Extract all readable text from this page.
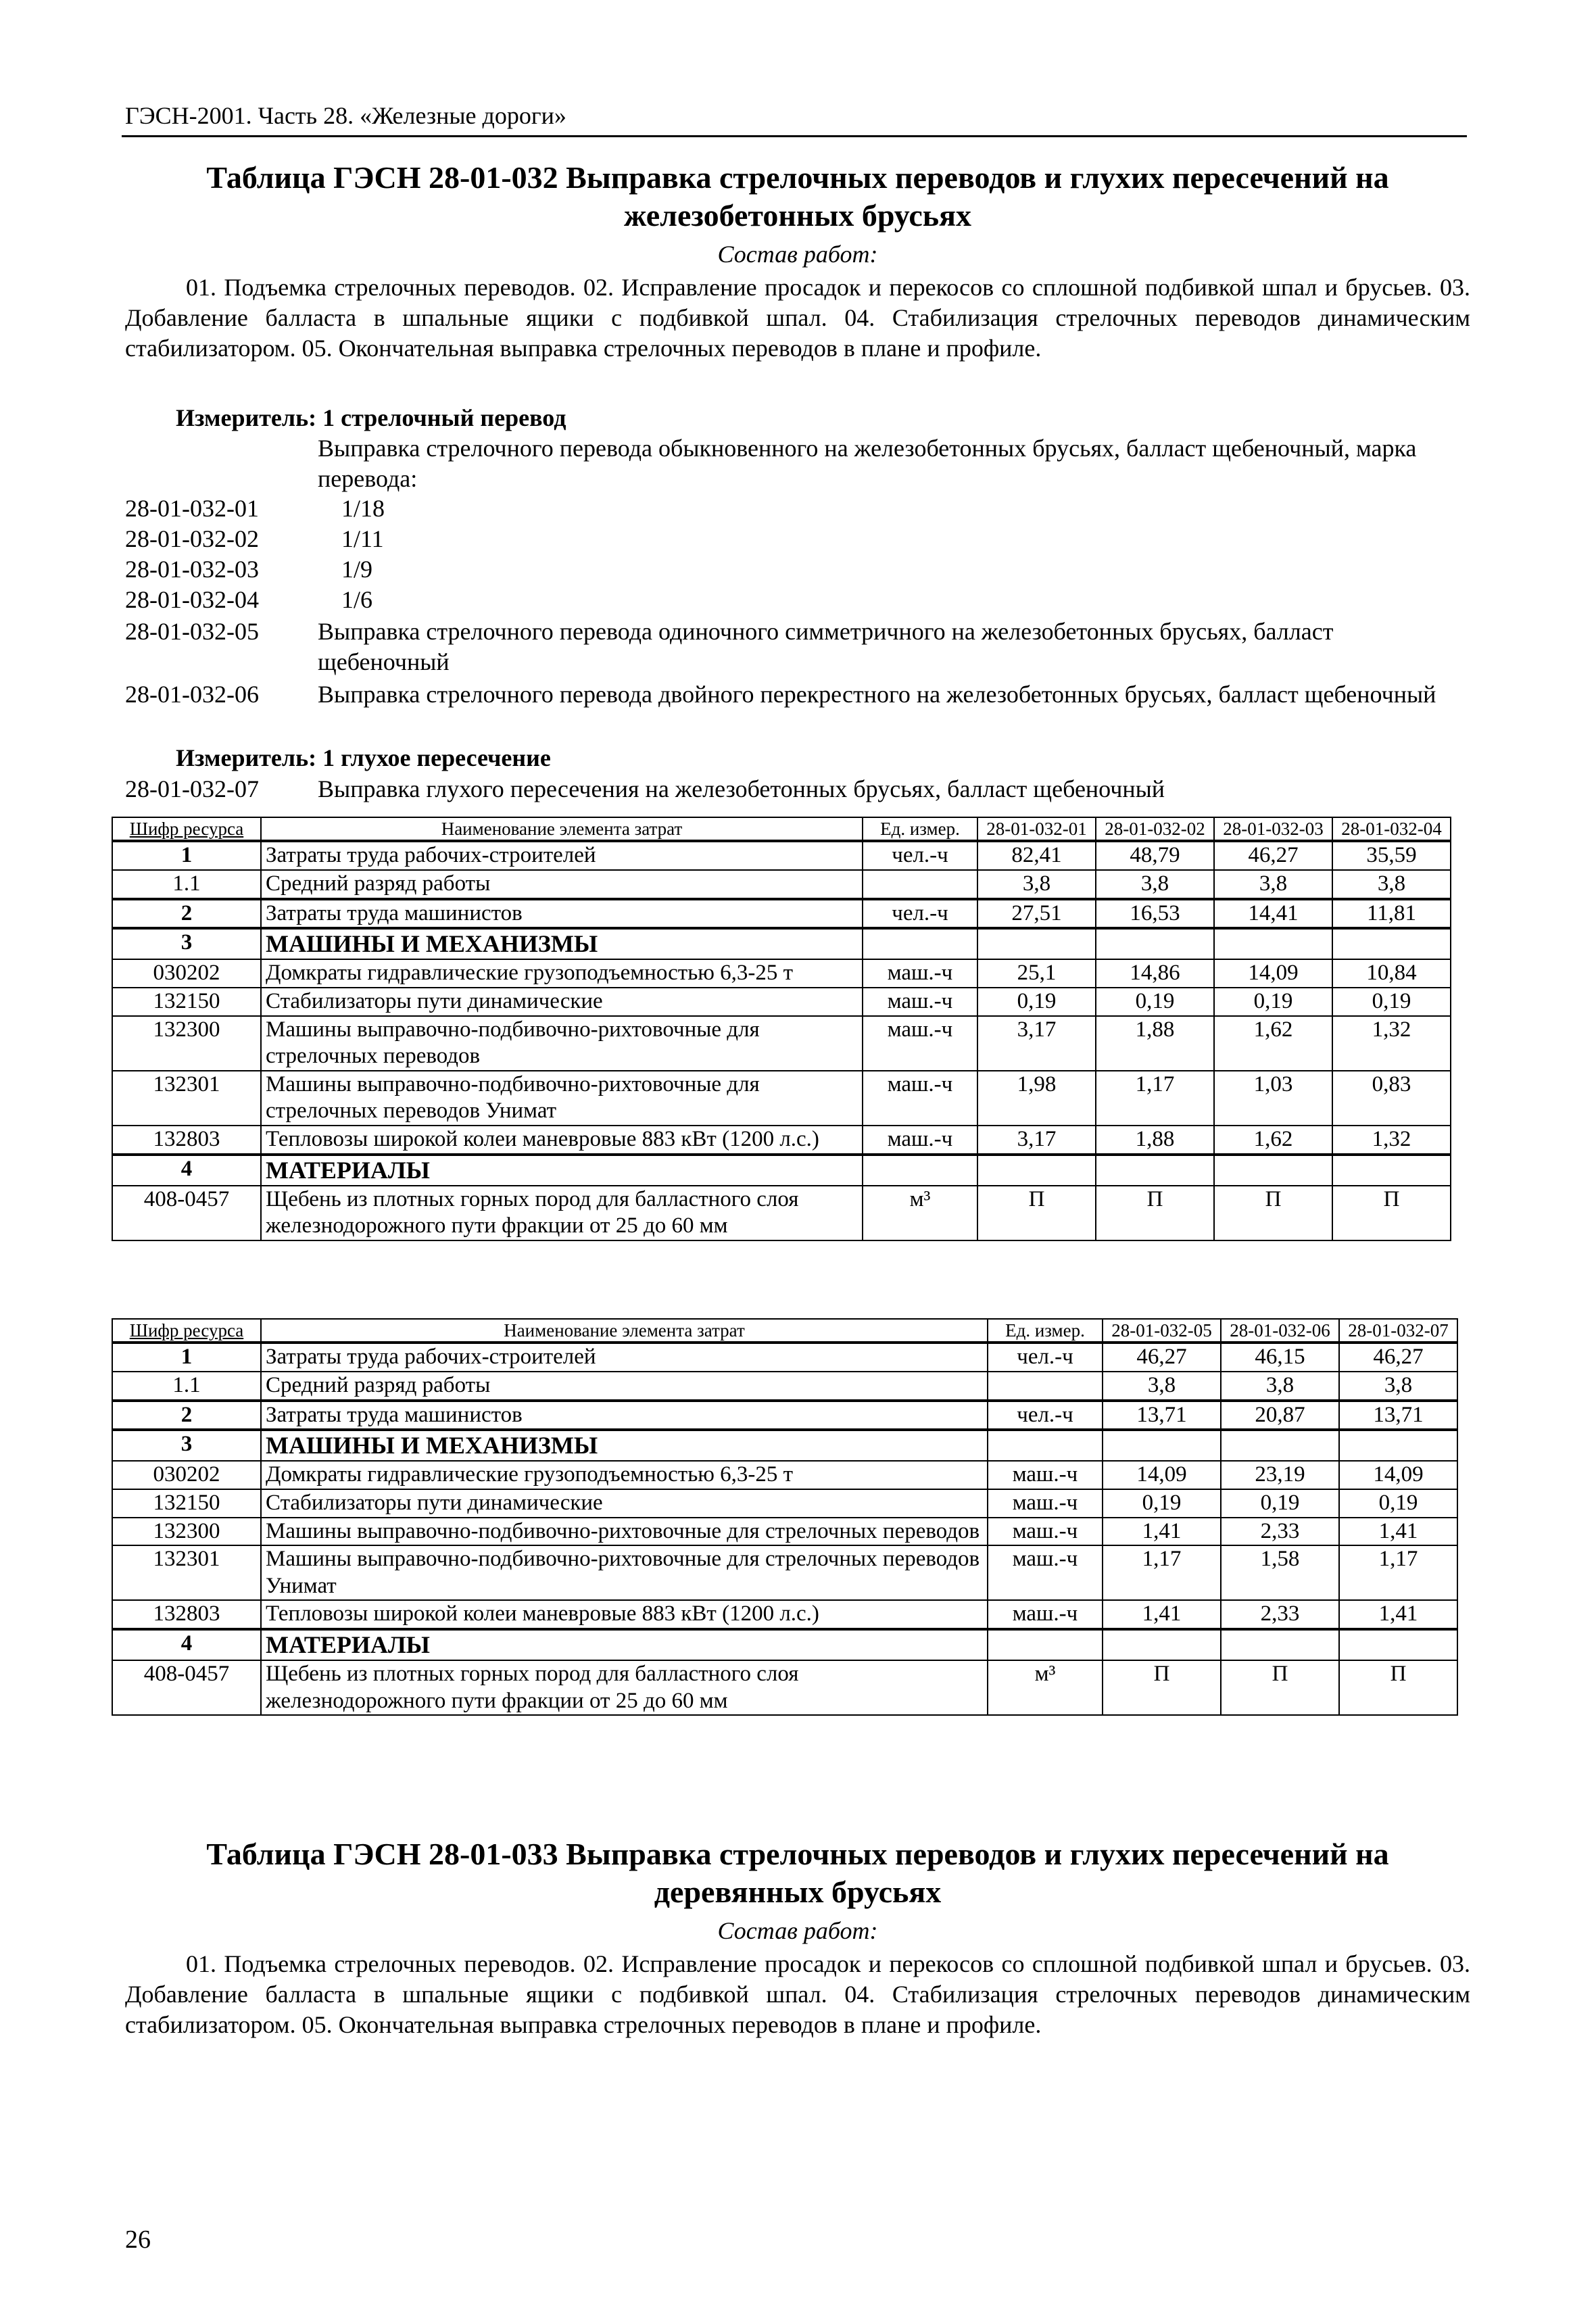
ГЭСН-2001. Часть 28. «Железные дороги»
Таблица ГЭСН 28-01-032 Выправка стрелочных переводов и глухих пересечений на
железобетонных брусьях
Состав работ:
01. Подъемка стрелочных переводов. 02. Исправление просадок и перекосов со сплошной подбивкой шпал и брусьев. 03. Добавление балласта в шпальные ящики с подбивкой шпал. 04. Стабилизация стрелочных переводов динамическим стабилизатором. 05. Окончательная выправка стрелочных переводов в плане и профиле.
Измеритель: 1 стрелочный перевод
Выправка стрелочного перевода обыкновенного на железобетонных брусьях, балласт щебеночный, марка перевода:
28-01-032-01	1/18
28-01-032-02	1/11
28-01-032-03	1/9
28-01-032-04	1/6
28-01-032-05	Выправка стрелочного перевода одиночного симметричного на железобетонных брусьях, балласт щебеночный
28-01-032-06	Выправка стрелочного перевода двойного перекрестного на железобетонных брусьях, балласт щебеночный
Измеритель: 1 глухое пересечение
28-01-032-07	Выправка глухого пересечения на железобетонных брусьях, балласт щебеночный
Шифр ресурса	Наименование элемента затрат	Ед. измер.	28-01-032-01	28-01-032-02	28-01-032-03	28-01-032-04
1	Затраты труда рабочих-строителей	чел.-ч	82,41	48,79	46,27	35,59
1.1	Средний разряд работы		3,8	3,8	3,8	3,8
2	Затраты труда машинистов	чел.-ч	27,51	16,53	14,41	11,81
3	МАШИНЫ И МЕХАНИЗМЫ					
030202	Домкраты гидравлические грузоподъемностью 6,3-25 т	маш.-ч	25,1	14,86	14,09	10,84
132150	Стабилизаторы пути динамические	маш.-ч	0,19	0,19	0,19	0,19
132300	Машины выправочно-подбивочно-рихтовочные для стрелочных переводов	маш.-ч	3,17	1,88	1,62	1,32
132301	Машины выправочно-подбивочно-рихтовочные для стрелочных переводов Унимат	маш.-ч	1,98	1,17	1,03	0,83
132803	Тепловозы широкой колеи маневровые 883 кВт (1200 л.с.)	маш.-ч	3,17	1,88	1,62	1,32
4	МАТЕРИАЛЫ					
408-0457	Щебень из плотных горных пород для балластного слоя железнодорожного пути фракции от 25 до 60 мм	м³	П	П	П	П
Шифр ресурса	Наименование элемента затрат	Ед. измер.	28-01-032-05	28-01-032-06	28-01-032-07
1	Затраты труда рабочих-строителей	чел.-ч	46,27	46,15	46,27
1.1	Средний разряд работы		3,8	3,8	3,8
2	Затраты труда машинистов	чел.-ч	13,71	20,87	13,71
3	МАШИНЫ И МЕХАНИЗМЫ				
030202	Домкраты гидравлические грузоподъемностью 6,3-25 т	маш.-ч	14,09	23,19	14,09
132150	Стабилизаторы пути динамические	маш.-ч	0,19	0,19	0,19
132300	Машины выправочно-подбивочно-рихтовочные для стрелочных переводов	маш.-ч	1,41	2,33	1,41
132301	Машины выправочно-подбивочно-рихтовочные для стрелочных переводов Унимат	маш.-ч	1,17	1,58	1,17
132803	Тепловозы широкой колеи маневровые 883 кВт (1200 л.с.)	маш.-ч	1,41	2,33	1,41
4	МАТЕРИАЛЫ				
408-0457	Щебень из плотных горных пород для балластного слоя железнодорожного пути фракции от 25 до 60 мм	м³	П	П	П
Таблица ГЭСН 28-01-033 Выправка стрелочных переводов и глухих пересечений на
деревянных брусьях
Состав работ:
01. Подъемка стрелочных переводов. 02. Исправление просадок и перекосов со сплошной подбивкой шпал и брусьев. 03. Добавление балласта в шпальные ящики с подбивкой шпал. 04. Стабилизация стрелочных переводов динамическим стабилизатором. 05. Окончательная выправка стрелочных переводов в плане и профиле.
26
